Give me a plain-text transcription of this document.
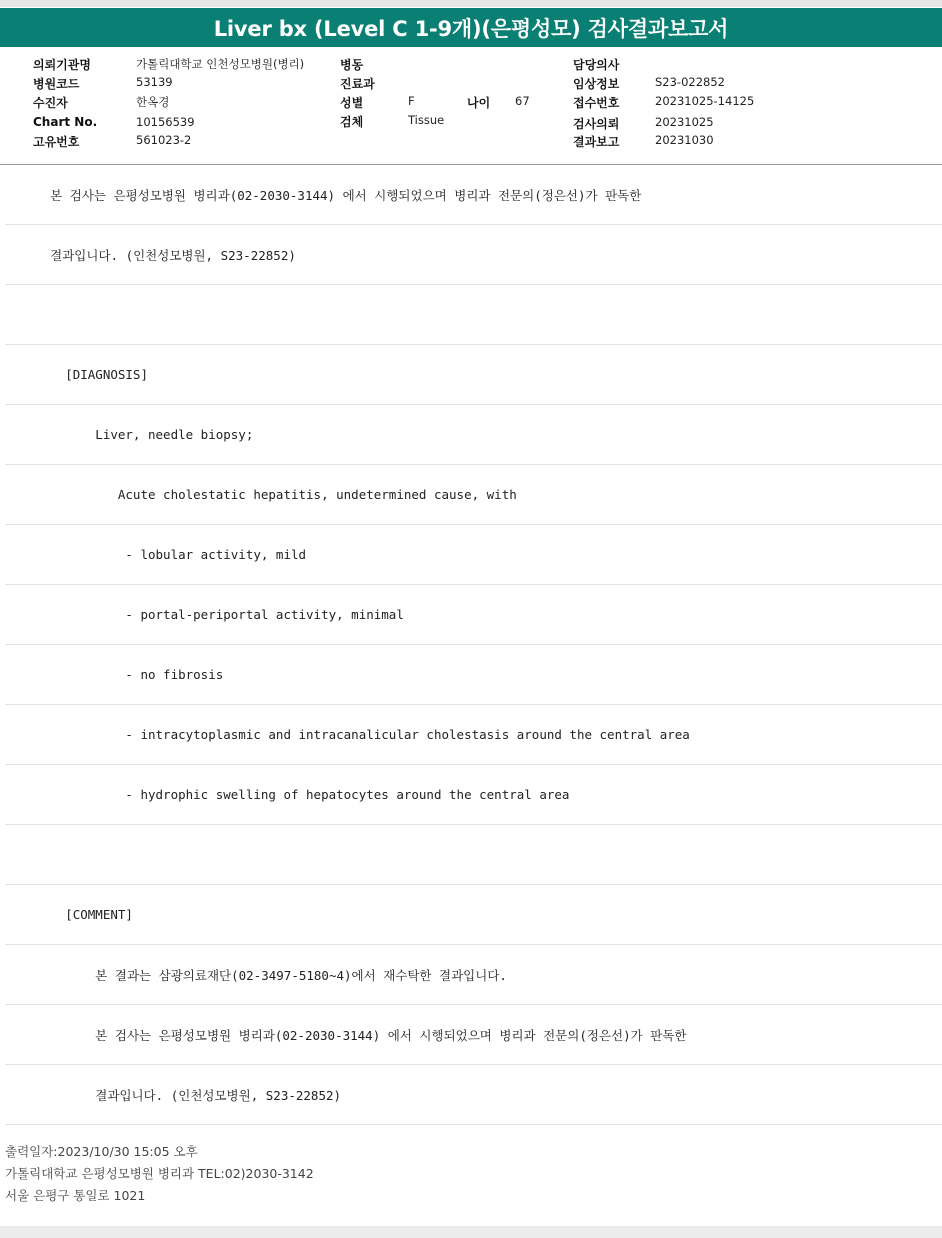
Liver bx (Level C 1-9개)(은평성모) 검사결과보고서
의뢰기관명	가톨릭대학교 인천성모병원(병리)
병원코드	53139
수진자	한옥경
Chart No.	10156539
고유번호	561023-2
병동
진료과
성별	F
검체	Tissue
나이 67
담당의사
임상정보	S23-022852
접수번호	20231025-14125
검사의뢰	20231025
결과보고	20231030
본 검사는 은평성모병원 병리과(02-2030-3144) 에서 시행되었으며 병리과 전문의(정은선)가 판독한
결과입니다. (인천성모병원, S23-22852)
[DIAGNOSIS]
Liver, needle biopsy;
Acute cholestatic hepatitis, undetermined cause, with
- lobular activity, mild
- portal-periportal activity, minimal
- no fibrosis
- intracytoplasmic and intracanalicular cholestasis around the central area
- hydrophic swelling of hepatocytes around the central area
[COMMENT]
본 결과는 삼광의료재단(02-3497-5180~4)에서 재수탁한 결과입니다.
본 검사는 은평성모병원 병리과(02-2030-3144) 에서 시행되었으며 병리과 전문의(정은선)가 판독한
결과입니다. (인천성모병원, S23-22852)
출력일자:2023/10/30 15:05 오후
가톨릭대학교 은평성모병원 병리과 TEL:02)2030-3142
서울 은평구 통일로 1021
